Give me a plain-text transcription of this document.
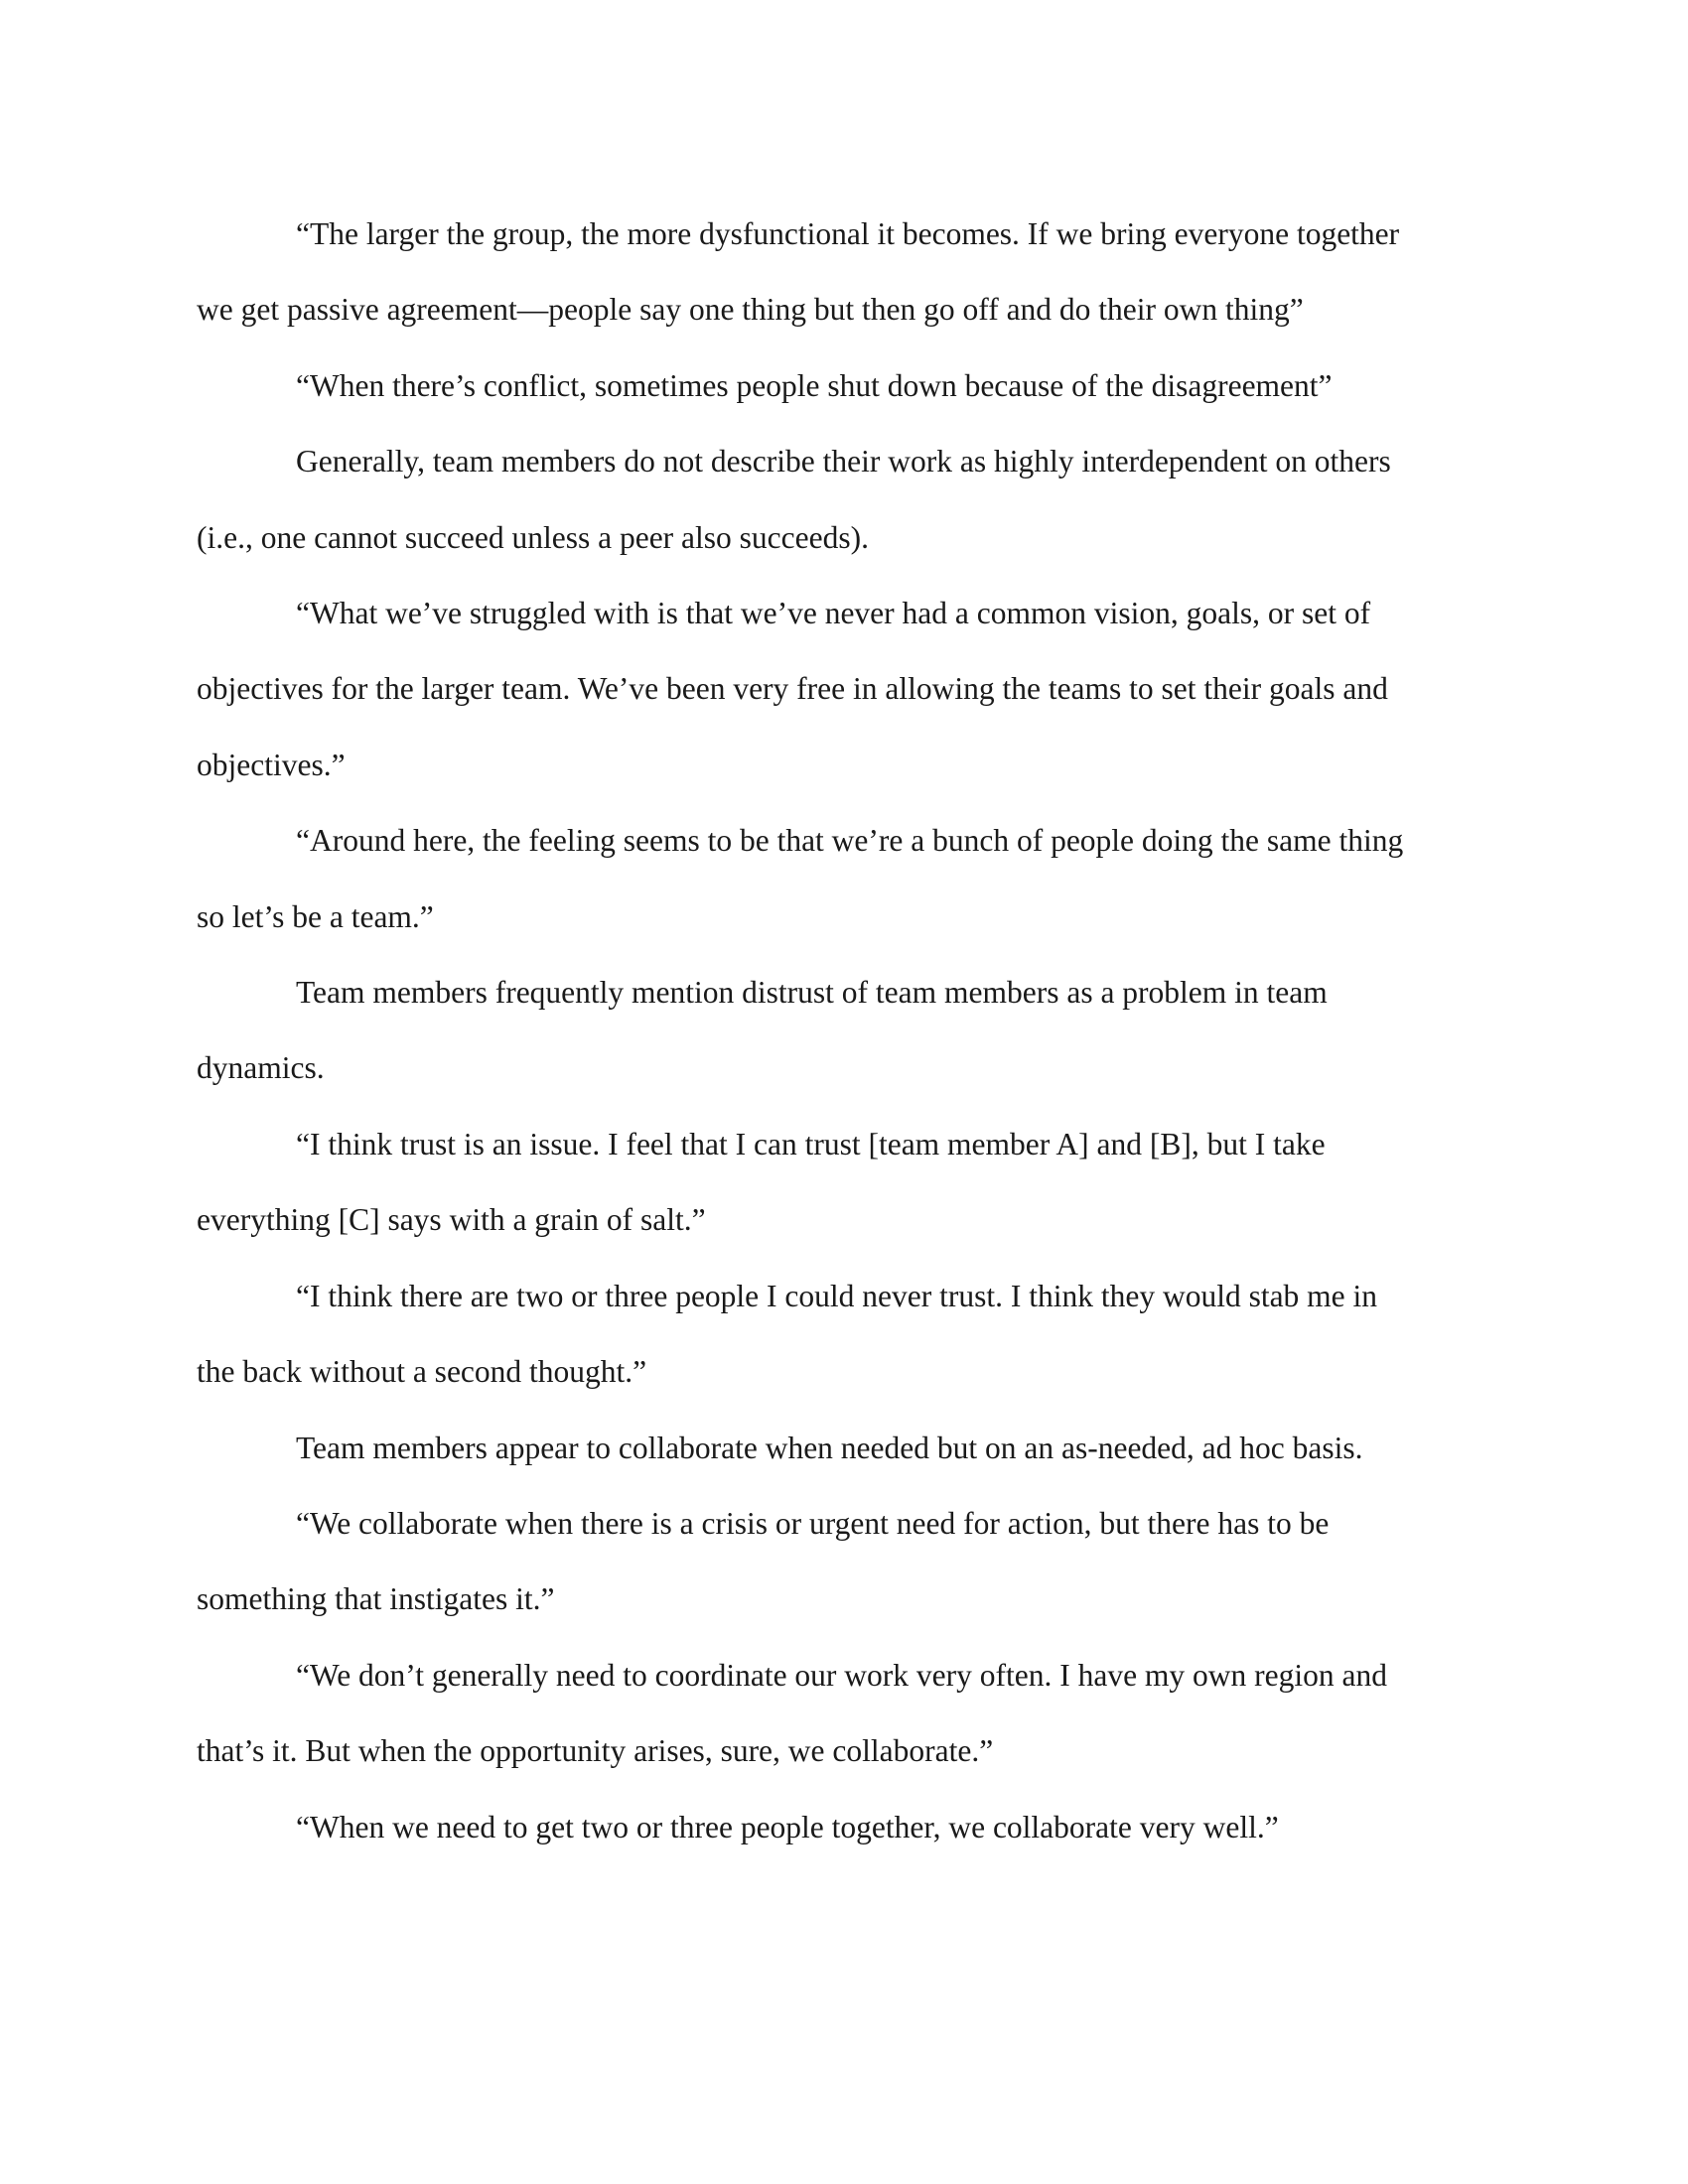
“The larger the group, the more dysfunctional it becomes. If we bring everyone together
we get passive agreement—people say one thing but then go off and do their own thing”

“When there’s conflict, sometimes people shut down because of the disagreement”

Generally, team members do not describe their work as highly interdependent on others
(i.e., one cannot succeed unless a peer also succeeds).

“What we’ve struggled with is that we’ve never had a common vision, goals, or set of
objectives for the larger team. We’ve been very free in allowing the teams to set their goals and
objectives.”

“Around here, the feeling seems to be that we’re a bunch of people doing the same thing
so let’s be a team.”

Team members frequently mention distrust of team members as a problem in team
dynamics.

“I think trust is an issue. I feel that I can trust [team member A] and [B], but I take
everything [C] says with a grain of salt.”

“I think there are two or three people I could never trust. I think they would stab me in
the back without a second thought.”

Team members appear to collaborate when needed but on an as-needed, ad hoc basis.

“We collaborate when there is a crisis or urgent need for action, but there has to be
something that instigates it.”

“We don’t generally need to coordinate our work very often. I have my own region and
that’s it. But when the opportunity arises, sure, we collaborate.”

“When we need to get two or three people together, we collaborate very well.”
